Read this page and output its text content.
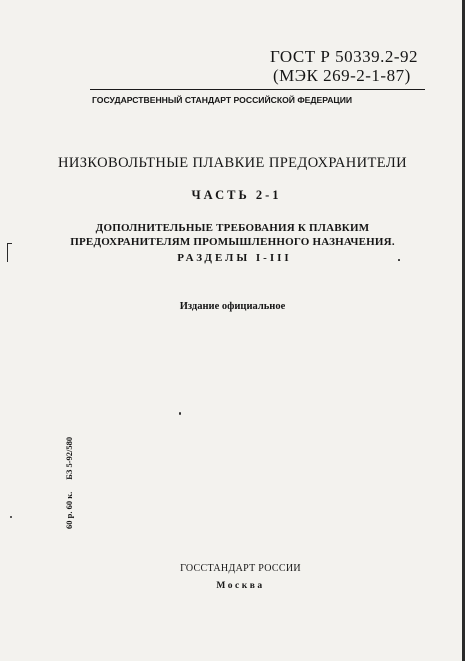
ГОСТ Р 50339.2-92
(МЭК 269-2-1-87)
ГОСУДАРСТВЕННЫЙ СТАНДАРТ РОССИЙСКОЙ ФЕДЕРАЦИИ
НИЗКОВОЛЬТНЫЕ ПЛАВКИЕ ПРЕДОХРАНИТЕЛИ
ЧАСТЬ 2-1
ДОПОЛНИТЕЛЬНЫЕ ТРЕБОВАНИЯ К ПЛАВКИМ
ПРЕДОХРАНИТЕЛЯМ ПРОМЫШЛЕННОГО НАЗНАЧЕНИЯ.
РАЗДЕЛЫ I-III
Издание официальное
60 р. 60 к.БЗ 5-92/580
ГОССТАНДАРТ РОССИИ
Москва
